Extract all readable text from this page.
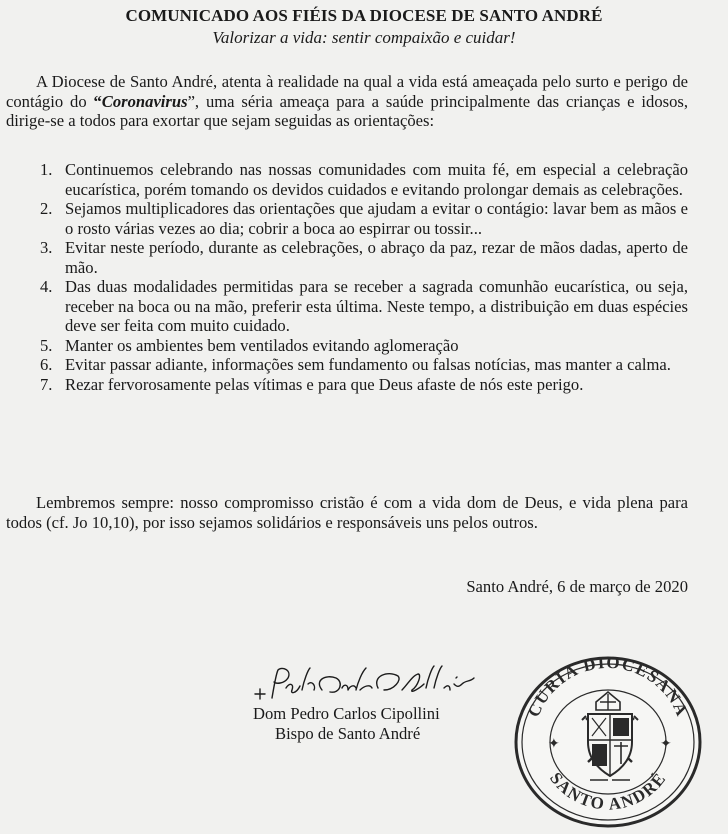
COMUNICADO AOS FIÉIS DA DIOCESE DE SANTO ANDRÉ
Valorizar a vida: sentir compaixão e cuidar!

A Diocese de Santo André, atenta à realidade na qual a vida está ameaçada pelo surto e perigo de contágio do “Coronavirus”, uma séria ameaça para a saúde principalmente das crianças e idosos, dirige-se a todos para exortar que sejam seguidas as orientações:

1. Continuemos celebrando nas nossas comunidades com muita fé, em especial a celebração eucarística, porém tomando os devidos cuidados e evitando prolongar demais as celebrações.
2. Sejamos multiplicadores das orientações que ajudam a evitar o contágio: lavar bem as mãos e o rosto várias vezes ao dia; cobrir a boca ao espirrar ou tossir...
3. Evitar neste período, durante as celebrações, o abraço da paz, rezar de mãos dadas, aperto de mão.
4. Das duas modalidades permitidas para se receber a sagrada comunhão eucarística, ou seja, receber na boca ou na mão, preferir esta última. Neste tempo, a distribuição em duas espécies deve ser feita com muito cuidado.
5. Manter os ambientes bem ventilados evitando aglomeração
6. Evitar passar adiante, informações sem fundamento ou falsas notícias, mas manter a calma.
7. Rezar fervorosamente pelas vítimas e para que Deus afaste de nós este perigo.

Lembremos sempre: nosso compromisso cristão é com a vida dom de Deus, e vida plena para todos (cf. Jo 10,10), por isso sejamos solidários e responsáveis uns pelos outros.

Santo André, 6 de março de 2020
Dom Pedro Carlos Cipollini
Bispo de Santo André
CURIA DIOCESANA
SANTO ANDRÉ
✦	✦
